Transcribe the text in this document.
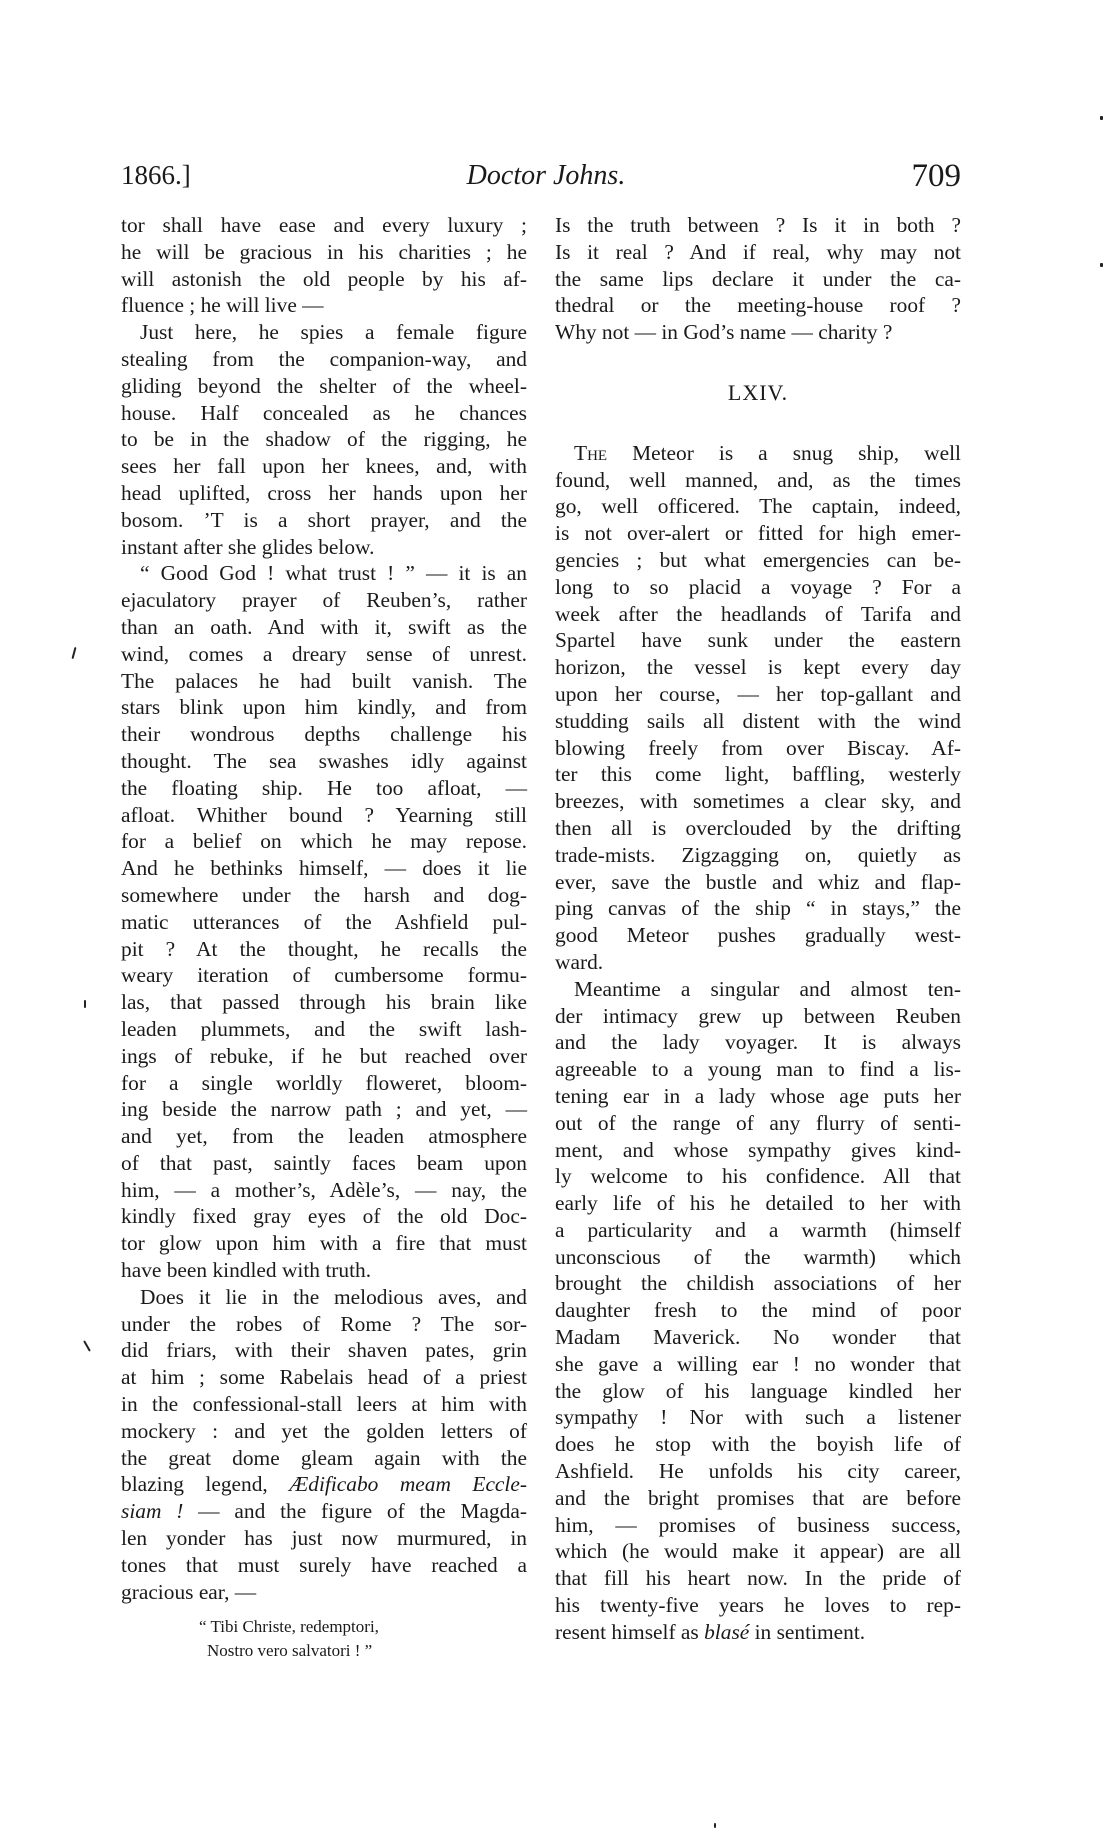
1866.]	Doctor Johns.	709
tor shall have ease and every luxury ;
he will be gracious in his charities ; he
will astonish the old people by his af-
fluence ; he will live —
Just here, he spies a female figure
stealing from the companion-way, and
gliding beyond the shelter of the wheel-
house. Half concealed as he chances
to be in the shadow of the rigging, he
sees her fall upon her knees, and, with
head uplifted, cross her hands upon her
bosom. ’T is a short prayer, and the
instant after she glides below.
“ Good God ! what trust ! ” — it is an
ejaculatory prayer of Reuben’s, rather
than an oath. And with it, swift as the
wind, comes a dreary sense of unrest.
The palaces he had built vanish. The
stars blink upon him kindly, and from
their wondrous depths challenge his
thought. The sea swashes idly against
the floating ship. He too afloat, —
afloat. Whither bound ? Yearning still
for a belief on which he may repose.
And he bethinks himself, — does it lie
somewhere under the harsh and dog-
matic utterances of the Ashfield pul-
pit ? At the thought, he recalls the
weary iteration of cumbersome formu-
las, that passed through his brain like
leaden plummets, and the swift lash-
ings of rebuke, if he but reached over
for a single worldly floweret, bloom-
ing beside the narrow path ; and yet, —
and yet, from the leaden atmosphere
of that past, saintly faces beam upon
him, — a mother’s, Adèle’s, — nay, the
kindly fixed gray eyes of the old Doc-
tor glow upon him with a fire that must
have been kindled with truth.
Does it lie in the melodious aves, and
under the robes of Rome ? The sor-
did friars, with their shaven pates, grin
at him ; some Rabelais head of a priest
in the confessional-stall leers at him with
mockery : and yet the golden letters of
the great dome gleam again with the
blazing legend, Ædificabo meam Eccle-
siam ! — and the figure of the Magda-
len yonder has just now murmured, in
tones that must surely have reached a
gracious ear, —
“ Tibi Christe, redemptori,
Nostro vero salvatori ! ”
Is the truth between ? Is it in both ?
Is it real ? And if real, why may not
the same lips declare it under the ca-
thedral or the meeting-house roof ?
Why not — in God’s name — charity ?
LXIV.
The Meteor is a snug ship, well
found, well manned, and, as the times
go, well officered. The captain, indeed,
is not over-alert or fitted for high emer-
gencies ; but what emergencies can be-
long to so placid a voyage ? For a
week after the headlands of Tarifa and
Spartel have sunk under the eastern
horizon, the vessel is kept every day
upon her course, — her top-gallant and
studding sails all distent with the wind
blowing freely from over Biscay. Af-
ter this come light, baffling, westerly
breezes, with sometimes a clear sky, and
then all is overclouded by the drifting
trade-mists. Zigzagging on, quietly as
ever, save the bustle and whiz and flap-
ping canvas of the ship “ in stays,” the
good Meteor pushes gradually west-
ward.
Meantime a singular and almost ten-
der intimacy grew up between Reuben
and the lady voyager. It is always
agreeable to a young man to find a lis-
tening ear in a lady whose age puts her
out of the range of any flurry of senti-
ment, and whose sympathy gives kind-
ly welcome to his confidence. All that
early life of his he detailed to her with
a particularity and a warmth (himself
unconscious of the warmth) which
brought the childish associations of her
daughter fresh to the mind of poor
Madam Maverick. No wonder that
she gave a willing ear ! no wonder that
the glow of his language kindled her
sympathy ! Nor with such a listener
does he stop with the boyish life of
Ashfield. He unfolds his city career,
and the bright promises that are before
him, — promises of business success,
which (he would make it appear) are all
that fill his heart now. In the pride of
his twenty-five years he loves to rep-
resent himself as blasé in sentiment.
